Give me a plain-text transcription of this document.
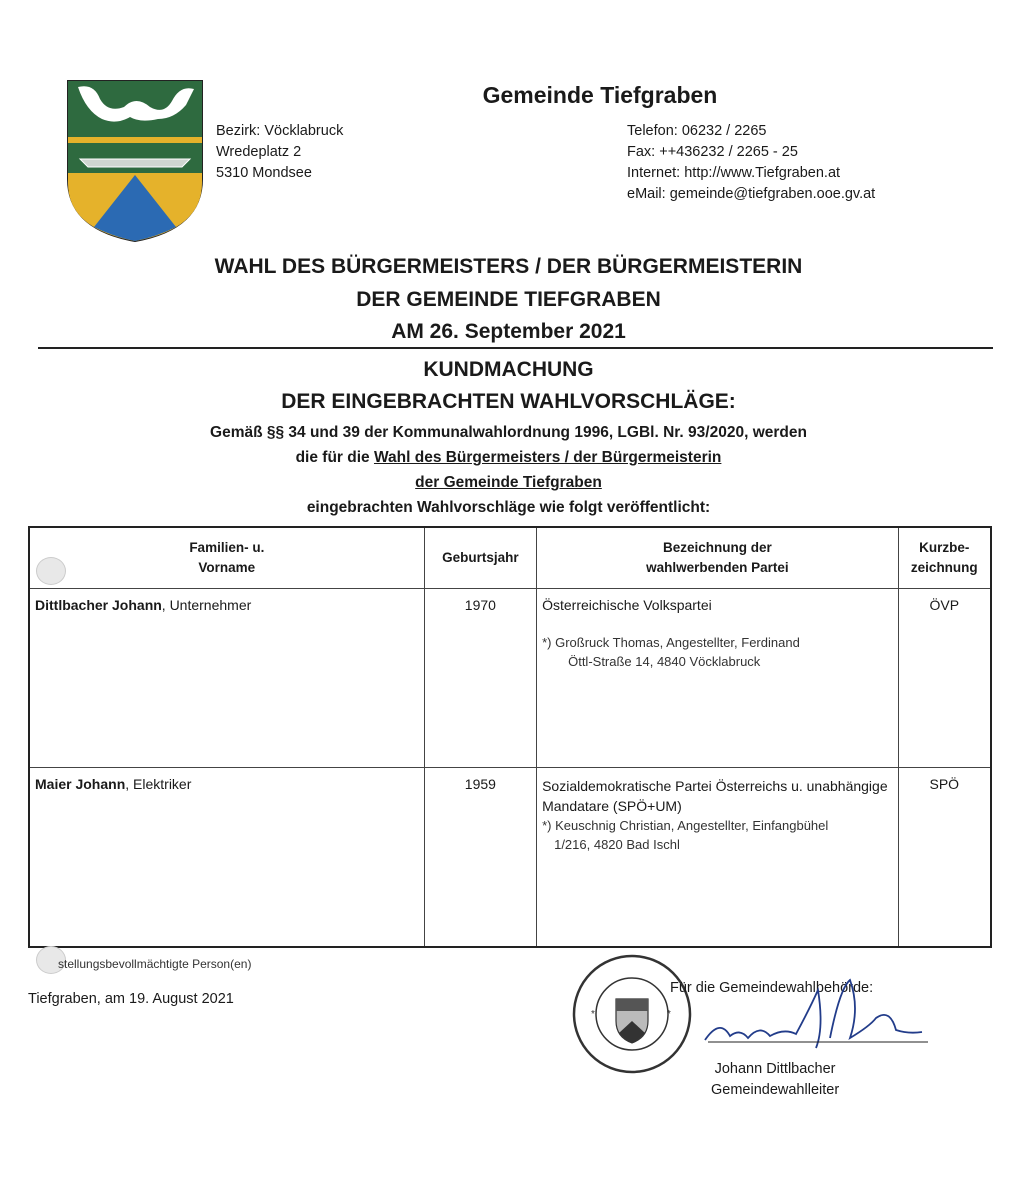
Gemeinde Tiefgraben
Bezirk: Vöcklabruck
Wredeplatz 2
5310 Mondsee
Telefon: 06232 / 2265
Fax: ++436232 / 2265 - 25
Internet: http://www.Tiefgraben.at
eMail: gemeinde@tiefgraben.ooe.gv.at
WAHL DES BÜRGERMEISTERS / DER BÜRGERMEISTERIN
DER GEMEINDE TIEFGRABEN
AM 26. September 2021
KUNDMACHUNG
DER EINGEBRACHTEN WAHLVORSCHLÄGE:
Gemäß §§ 34 und 39 der Kommunalwahlordnung 1996, LGBl. Nr. 93/2020, werden
die für die Wahl des Bürgermeisters / der Bürgermeisterin
der Gemeinde Tiefgraben
eingebrachten Wahlvorschläge wie folgt veröffentlicht:
Familien- u.
Vorname	Geburtsjahr	Bezeichnung der
wahlwerbenden Partei	Kurzbe-
zeichnung
Dittlbacher Johann, Unternehmer	1970	Österreichische Volkspartei
*) Großruck Thomas, Angestellter, Ferdinand
Öttl-Straße 14, 4840 Vöcklabruck	ÖVP
Maier Johann, Elektriker	1959	Sozialdemokratische Partei Österreichs u. unabhängige Mandatare (SPÖ+UM)
*) Keuschnig Christian, Angestellter, Einfangbühel
1/216, 4820 Bad Ischl	SPÖ
stellungsbevollmächtigte Person(en)
Tiefgraben, am 19. August 2021
*	*
Für die Gemeindewahlbehörde:
Johann Dittlbacher
Gemeindewahlleiter
